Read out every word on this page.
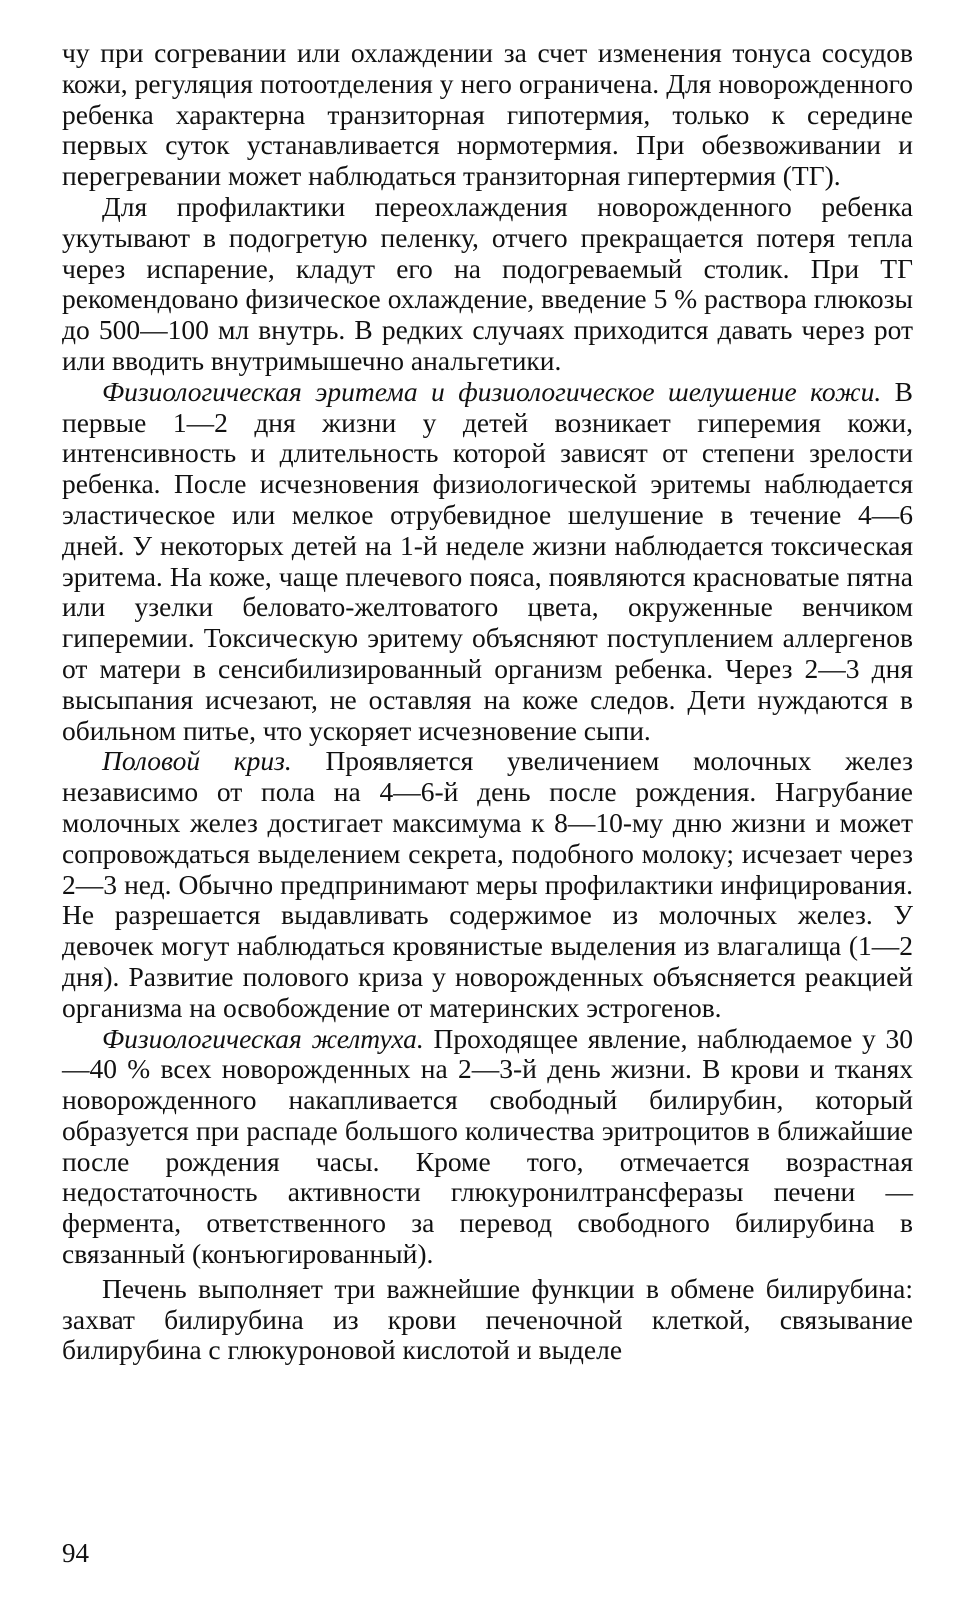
чу при согревании или охлаждении за счет изменения тонуса сосудов кожи, регуляция потоотделения у него ограничена. Для новорожденного ребенка характерна транзиторная гипотермия, только к середине первых суток устанавливается нормотермия. При обезвоживании и перегревании может наблюдаться транзиторная гипертермия (ТГ).

Для профилактики переохлаждения новорожденного ребенка укутывают в подогретую пеленку, отчего прекращается потеря тепла через испарение, кладут его на подогреваемый столик. При ТГ рекомендовано физическое охлаждение, введение 5 % раствора глюкозы до 500—100 мл внутрь. В редких случаях приходится давать через рот или вводить внутримышечно анальгетики.

Физиологическая эритема и физиологическое шелушение кожи. В первые 1—2 дня жизни у детей возникает гиперемия кожи, интенсивность и длительность которой зависят от степени зрелости ребенка. После исчезновения физиологической эритемы наблюдается эластическое или мелкое отрубевидное шелушение в течение 4—6 дней. У некоторых детей на 1-й неделе жизни наблюдается токсическая эритема. На коже, чаще плечевого пояса, появляются красноватые пятна или узелки беловато-желтоватого цвета, окруженные венчиком гиперемии. Токсическую эритему объясняют поступлением аллергенов от матери в сенсибилизированный организм ребенка. Через 2—3 дня высыпания исчезают, не оставляя на коже следов. Дети нуждаются в обильном питье, что ускоряет исчезновение сыпи.

Половой криз. Проявляется увеличением молочных желез независимо от пола на 4—6-й день после рождения. Нагрубание молочных желез достигает максимума к 8—10-му дню жизни и может сопровождаться выделением секрета, подобного молоку; исчезает через 2—3 нед. Обычно предпринимают меры профилактики инфицирования. Не разрешается выдавливать содержимое из молочных желез. У девочек могут наблюдаться кровянистые выделения из влагалища (1—2 дня). Развитие полового криза у новорожденных объясняется реакцией организма на освобождение от материнских эстрогенов.

Физиологическая желтуха. Проходящее явление, наблюдаемое у 30—40 % всех новорожденных на 2—3-й день жизни. В крови и тканях новорожденного накапливается свободный билирубин, который образуется при распаде большого количества эритроцитов в ближайшие после рождения часы. Кроме того, отмечается возрастная недостаточность активности глюкуронилтрансферазы печени — фермента, ответственного за перевод свободного билирубина в связанный (конъюгированный).

Печень выполняет три важнейшие функции в обмене билирубина: захват билирубина из крови печеночной клеткой, связывание билирубина с глюкуроновой кислотой и выделе

94
